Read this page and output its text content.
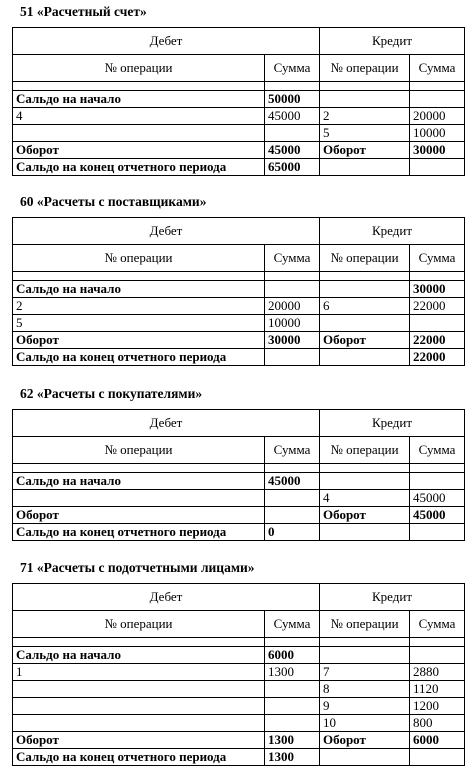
51 «Расчетный счет»
Дебет		Кредит	
№ операции	Сумма	№ операции	Сумма

Сальдо на начало	50000		
4	45000	2	20000
		5	10000
Оборот	45000	Оборот	30000
Сальдо на конец отчетного периода	65000		
60 «Расчеты с поставщиками»
Дебет		Кредит	
№ операции	Сумма	№ операции	Сумма

Сальдо на начало			30000
2	20000	6	22000
5	10000		
Оборот	30000	Оборот	22000
Сальдо на конец отчетного периода			22000
62 «Расчеты с покупателями»
Дебет		Кредит	
№ операции	Сумма	№ операции	Сумма

Сальдо на начало	45000		
		4	45000
Оборот		Оборот	45000
Сальдо на конец отчетного периода	0		
71 «Расчеты с подотчетными лицами»
Дебет		Кредит	
№ операции	Сумма	№ операции	Сумма

Сальдо на начало	6000		
1	1300	7	2880
		8	1120
		9	1200
		10	800
Оборот	1300	Оборот	6000
Сальдо на конец отчетного периода	1300		
